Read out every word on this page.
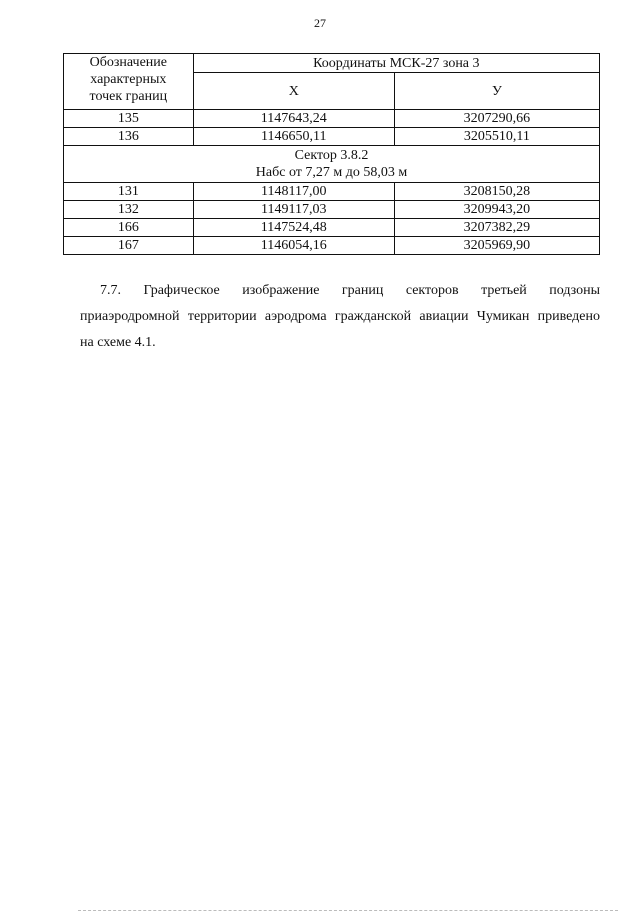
27
Обозначение
характерных
точек границ	Координаты МСК-27 зона 3	
	Х	У
135	1147643,24	3207290,66
136	1146650,11	3205510,11
Сектор 3.8.2
Набс от 7,27 м до 58,03 м		
131	1148117,00	3208150,28
132	1149117,03	3209943,20
166	1147524,48	3207382,29
167	1146054,16	3205969,90
7.7. Графическое изображение границ секторов третьей подзоны
приаэродромной территории аэродрома гражданской авиации Чумикан приведено
на схеме 4.1.
